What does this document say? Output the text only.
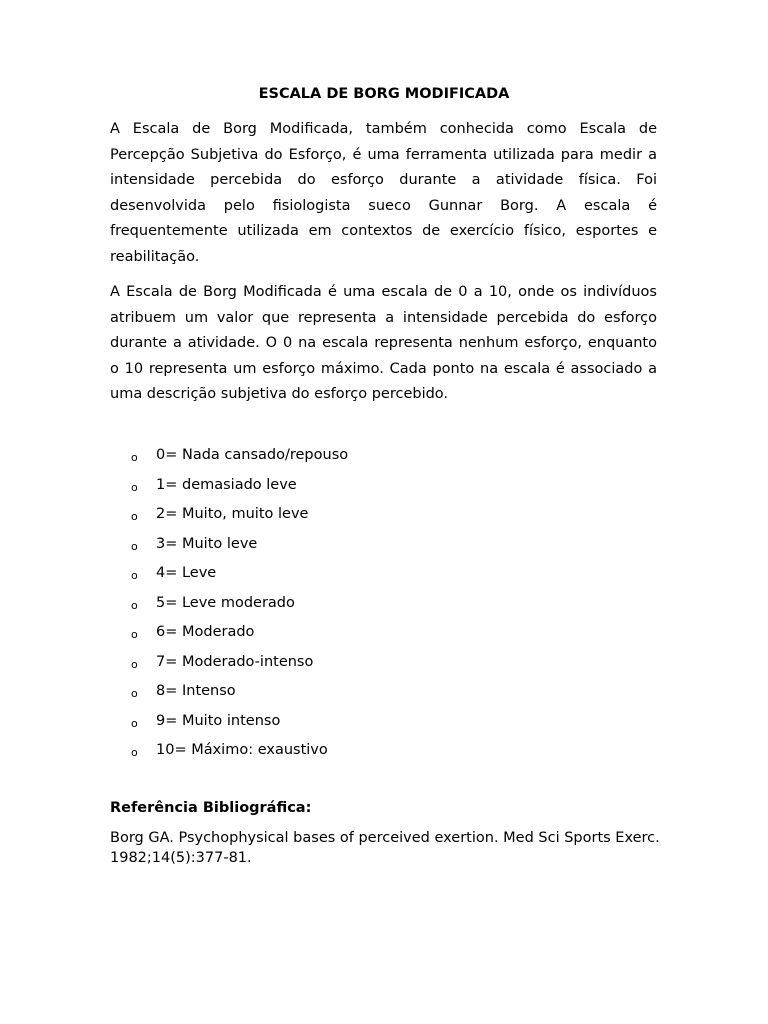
ESCALA DE BORG MODIFICADA

A Escala de Borg Modificada, também conhecida como Escala de Percepção Subjetiva do Esforço, é uma ferramenta utilizada para medir a intensidade percebida do esforço durante a atividade física. Foi desenvolvida pelo fisiologista sueco Gunnar Borg. A escala é frequentemente utilizada em contextos de exercício físico, esportes e reabilitação.

A Escala de Borg Modificada é uma escala de 0 a 10, onde os indivíduos atribuem um valor que representa a intensidade percebida do esforço durante a atividade. O 0 na escala representa nenhum esforço, enquanto o 10 representa um esforço máximo. Cada ponto na escala é associado a uma descrição subjetiva do esforço percebido.

o 0= Nada cansado/repouso
o 1= demasiado leve
o 2= Muito, muito leve
o 3= Muito leve
o 4= Leve
o 5= Leve moderado
o 6= Moderado
o 7= Moderado-intenso
o 8= Intenso
o 9= Muito intenso
o 10= Máximo: exaustivo
Referência Bibliográfica:

Borg GA. Psychophysical bases of perceived exertion. Med Sci Sports Exerc. 1982;14(5):377-81.
